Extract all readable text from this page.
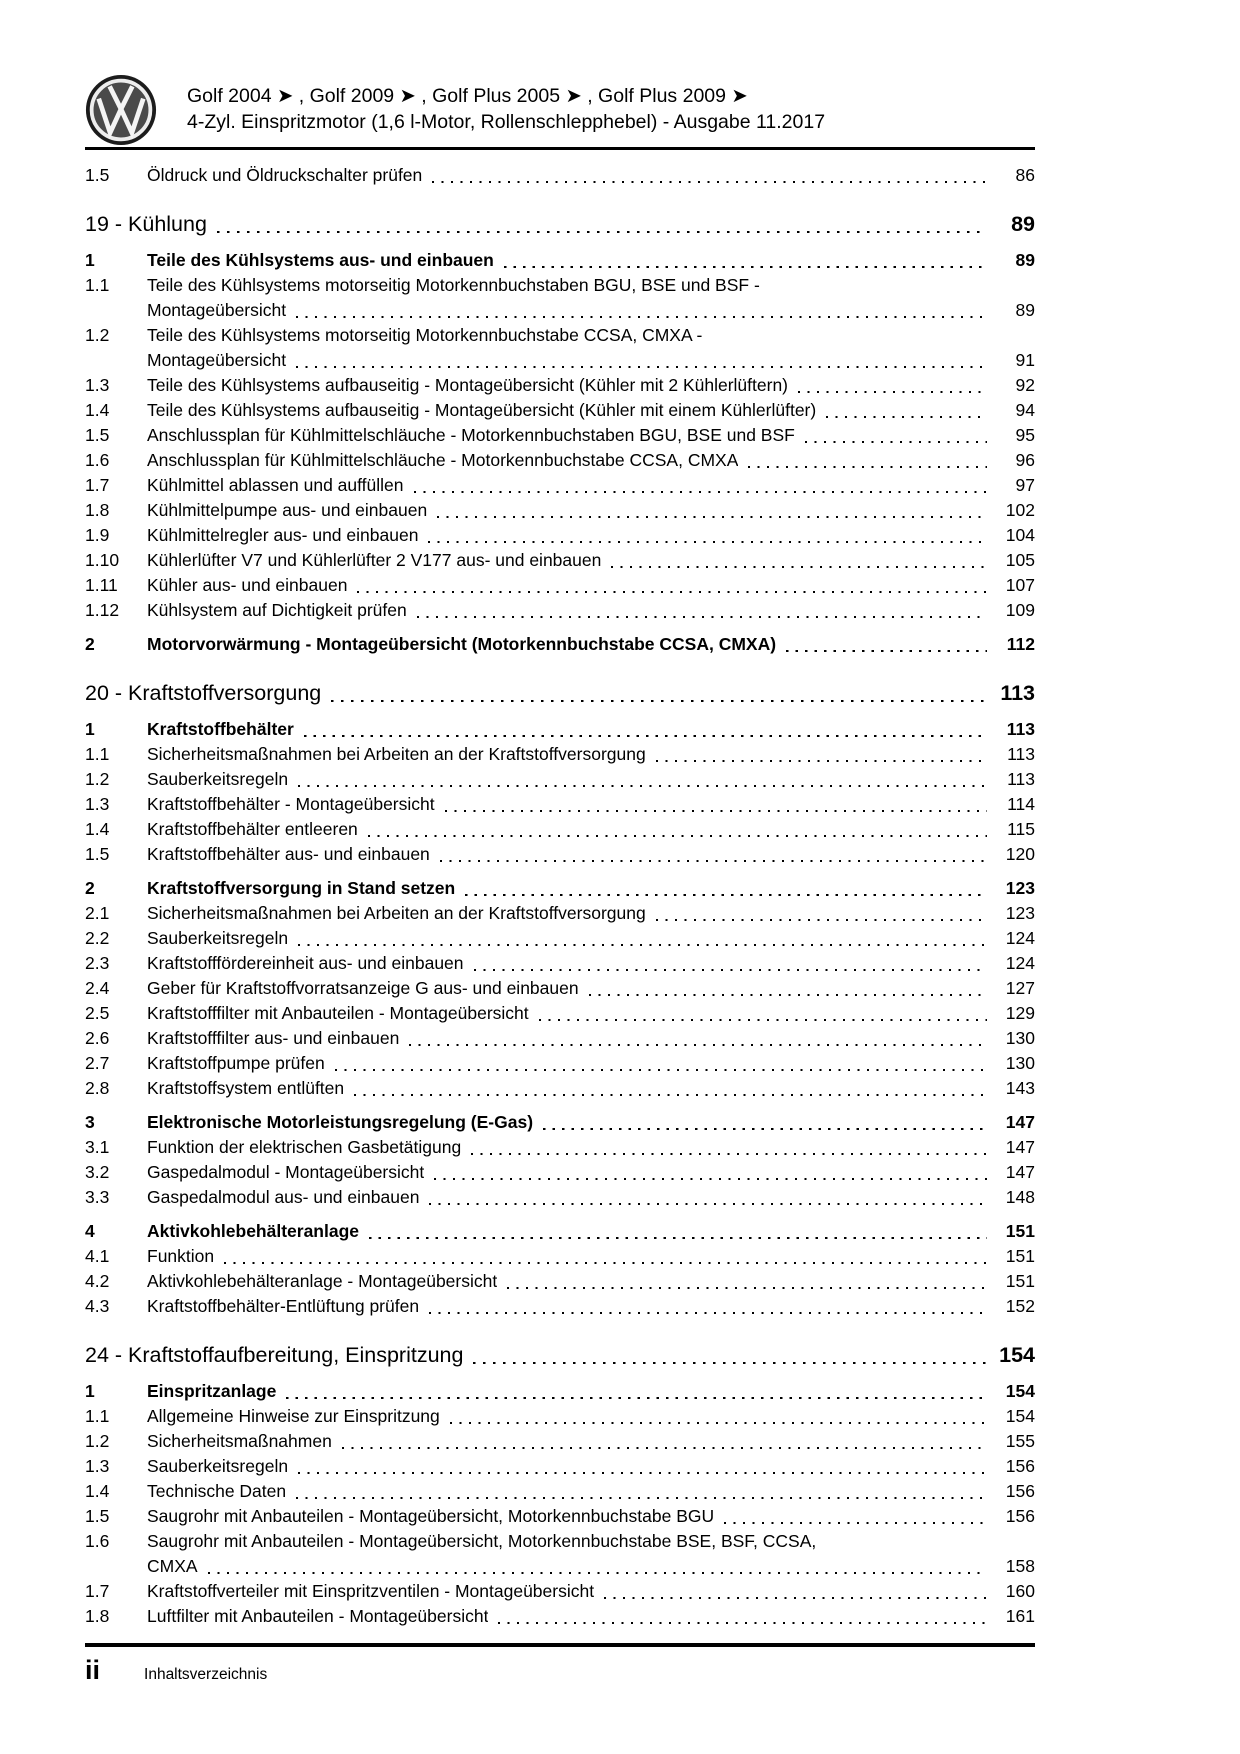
Golf 2004 ➤ , Golf 2009 ➤ , Golf Plus 2005 ➤ , Golf Plus 2009 ➤
4-Zyl. Einspritzmotor (1,6 l-Motor, Rollenschlepphebel) - Ausgabe 11.2017
1.5	Öldruck und Öldruckschalter prüfen	86
19 - Kühlung	89
1	Teile des Kühlsystems aus- und einbauen	89
1.1	Teile des Kühlsystems motorseitig Motorkennbuchstaben BGU, BSE und BSF -
Montageübersicht	89
1.2	Teile des Kühlsystems motorseitig Motorkennbuchstabe CCSA, CMXA -
Montageübersicht	91
1.3	Teile des Kühlsystems aufbauseitig - Montageübersicht (Kühler mit 2 Kühlerlüftern)	92
1.4	Teile des Kühlsystems aufbauseitig - Montageübersicht (Kühler mit einem Kühlerlüfter)	94
1.5	Anschlussplan für Kühlmittelschläuche - Motorkennbuchstaben BGU, BSE und BSF	95
1.6	Anschlussplan für Kühlmittelschläuche - Motorkennbuchstabe CCSA, CMXA	96
1.7	Kühlmittel ablassen und auffüllen	97
1.8	Kühlmittelpumpe aus- und einbauen	102
1.9	Kühlmittelregler aus- und einbauen	104
1.10	Kühlerlüfter V7 und Kühlerlüfter 2 V177 aus- und einbauen	105
1.11	Kühler aus- und einbauen	107
1.12	Kühlsystem auf Dichtigkeit prüfen	109
2	Motorvorwärmung - Montageübersicht (Motorkennbuchstabe CCSA, CMXA)	112
20 - Kraftstoffversorgung	113
1	Kraftstoffbehälter	113
1.1	Sicherheitsmaßnahmen bei Arbeiten an der Kraftstoffversorgung	113
1.2	Sauberkeitsregeln	113
1.3	Kraftstoffbehälter - Montageübersicht	114
1.4	Kraftstoffbehälter entleeren	115
1.5	Kraftstoffbehälter aus- und einbauen	120
2	Kraftstoffversorgung in Stand setzen	123
2.1	Sicherheitsmaßnahmen bei Arbeiten an der Kraftstoffversorgung	123
2.2	Sauberkeitsregeln	124
2.3	Kraftstofffördereinheit aus- und einbauen	124
2.4	Geber für Kraftstoffvorratsanzeige G aus- und einbauen	127
2.5	Kraftstofffilter mit Anbauteilen - Montageübersicht	129
2.6	Kraftstofffilter aus- und einbauen	130
2.7	Kraftstoffpumpe prüfen	130
2.8	Kraftstoffsystem entlüften	143
3	Elektronische Motorleistungsregelung (E-Gas)	147
3.1	Funktion der elektrischen Gasbetätigung	147
3.2	Gaspedalmodul - Montageübersicht	147
3.3	Gaspedalmodul aus- und einbauen	148
4	Aktivkohlebehälteranlage	151
4.1	Funktion	151
4.2	Aktivkohlebehälteranlage - Montageübersicht	151
4.3	Kraftstoffbehälter-Entlüftung prüfen	152
24 - Kraftstoffaufbereitung, Einspritzung	154
1	Einspritzanlage	154
1.1	Allgemeine Hinweise zur Einspritzung	154
1.2	Sicherheitsmaßnahmen	155
1.3	Sauberkeitsregeln	156
1.4	Technische Daten	156
1.5	Saugrohr mit Anbauteilen - Montageübersicht, Motorkennbuchstabe BGU	156
1.6	Saugrohr mit Anbauteilen - Montageübersicht, Motorkennbuchstabe BSE, BSF, CCSA,
CMXA	158
1.7	Kraftstoffverteiler mit Einspritzventilen - Montageübersicht	160
1.8	Luftfilter mit Anbauteilen - Montageübersicht	161
ii	Inhaltsverzeichnis
